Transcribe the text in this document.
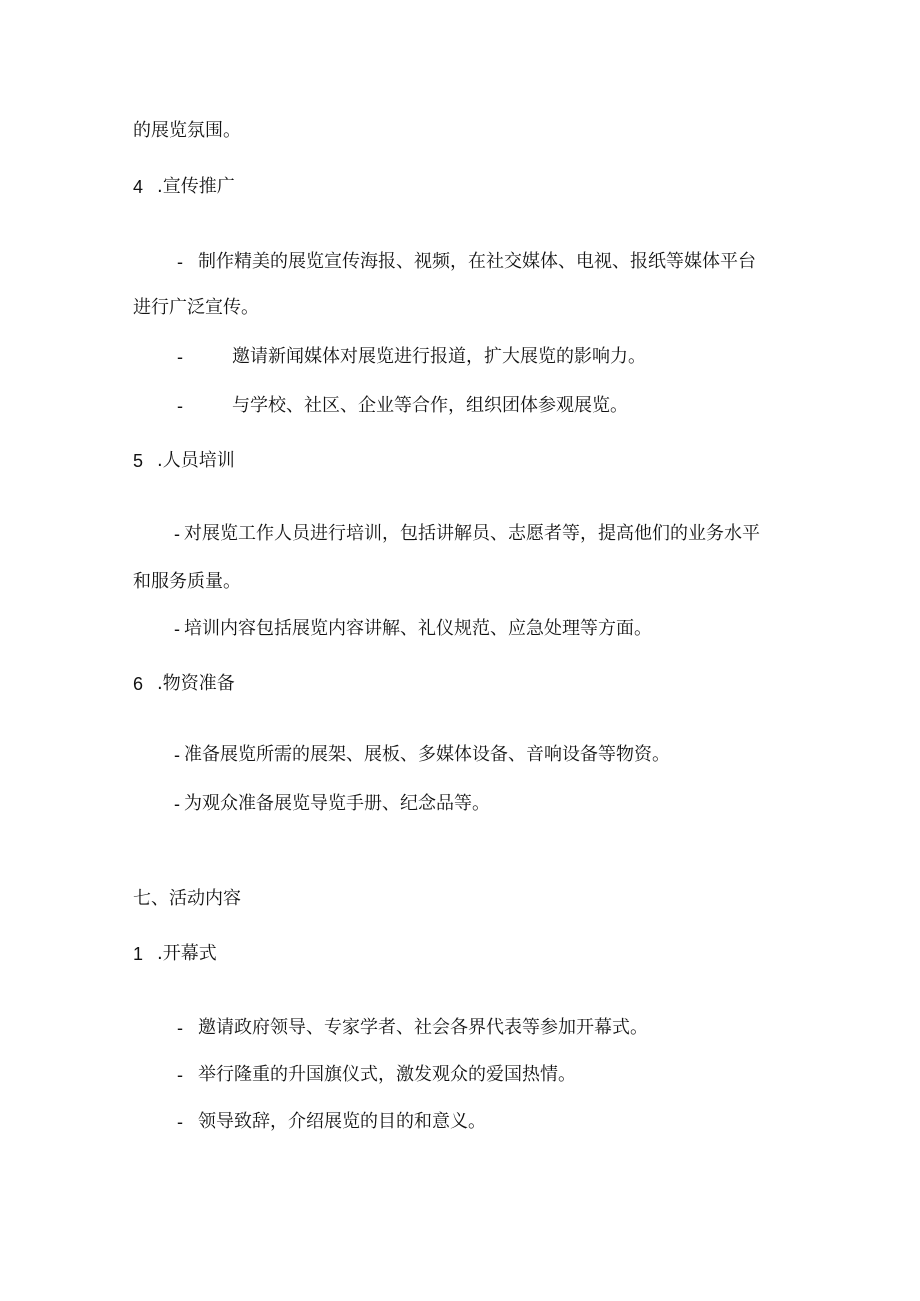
的展览氛围。
4 .宣传推广
- 制作精美的展览宣传海报、视频，在社交媒体、电视、报纸等媒体平台
进行广泛宣传。
-	邀请新闻媒体对展览进行报道，扩大展览的影响力。
-	与学校、社区、企业等合作，组织团体参观展览。
5 .人员培训
- 对展览工作人员进行培训，包括讲解员、志愿者等，提高他们的业务水平
和服务质量。
- 培训内容包括展览内容讲解、礼仪规范、应急处理等方面。
6 .物资准备
- 准备展览所需的展架、展板、多媒体设备、音响设备等物资。
- 为观众准备展览导览手册、纪念品等。
七、活动内容
1 .开幕式
- 邀请政府领导、专家学者、社会各界代表等参加开幕式。
- 举行隆重的升国旗仪式，激发观众的爱国热情。
- 领导致辞，介绍展览的目的和意义。
